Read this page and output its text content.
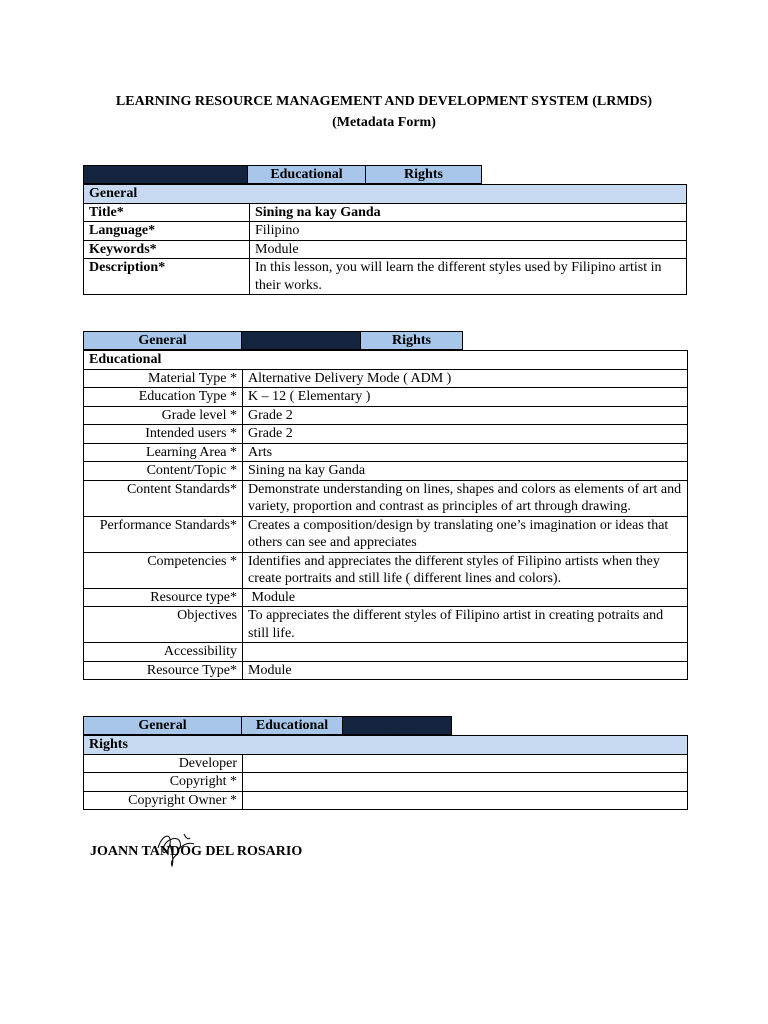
LEARNING RESOURCE MANAGEMENT AND DEVELOPMENT SYSTEM (LRMDS)
(Metadata Form)
General	Educational	Rights
General	
Title*	Sining na kay Ganda
Language*	Filipino
Keywords*	Module
Description*	In this lesson, you will learn the different styles used by Filipino artist in their works.
General	Educational	Rights
Educational	
Material Type *	Alternative Delivery Mode ( ADM )
Education Type *	K – 12 ( Elementary )
Grade level *	Grade 2
Intended users *	Grade 2
Learning Area *	Arts
Content/Topic *	Sining na kay Ganda
Content Standards*	Demonstrate understanding on lines, shapes and colors as elements of art and variety, proportion and contrast as principles of art through drawing.
Performance Standards*	Creates a composition/design by translating one’s imagination or ideas that others can see and appreciates
Competencies *	Identifies and appreciates the different styles of Filipino artists when they create portraits and still life ( different lines and colors).
Resource type*	Module
Objectives	To appreciates the different styles of Filipino artist in creating potraits and still life.
Accessibility	
Resource Type*	Module
General	Educational	Rights
Rights	
Developer	
Copyright *	
Copyright Owner *	
JOANN TANDOG DEL ROSARIO
